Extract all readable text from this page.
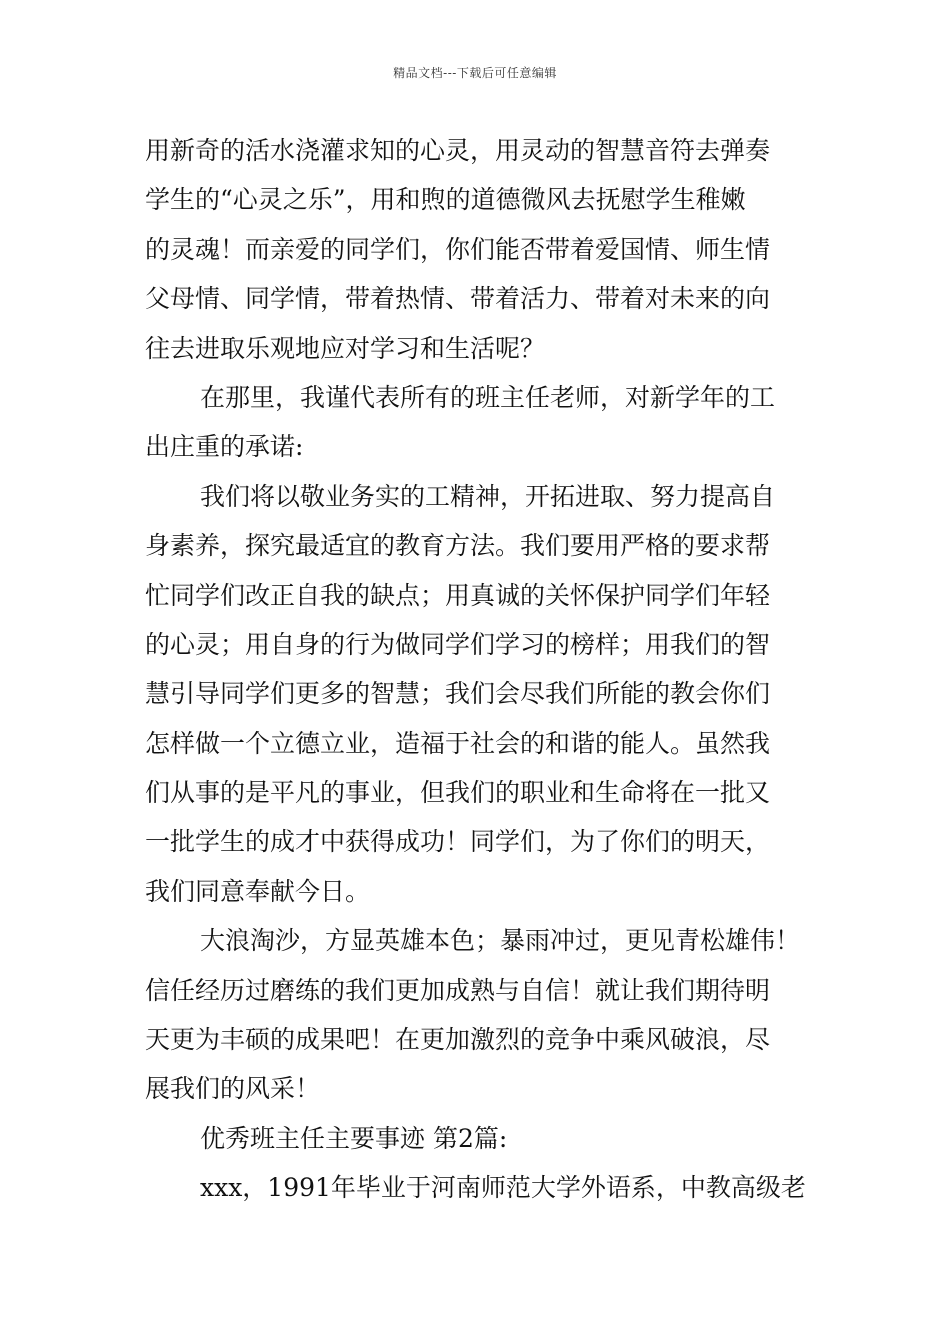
精品文档---下载后可任意编辑
用新奇的活水浇灌求知的心灵，用灵动的智慧音符去弹奏
学生的“心灵之乐”，用和煦的道德微风去抚慰学生稚嫩
的灵魂！而亲爱的同学们，你们能否带着爱国情、师生情
父母情、同学情，带着热情、带着活力、带着对未来的向
往去进取乐观地应对学习和生活呢？
在那里，我谨代表所有的班主任老师，对新学年的工
出庄重的承诺:
我们将以敬业务实的工精神，开拓进取、努力提高自
身素养，探究最适宜的教育方法。我们要用严格的要求帮
忙同学们改正自我的缺点；用真诚的关怀保护同学们年轻
的心灵；用自身的行为做同学们学习的榜样；用我们的智
慧引导同学们更多的智慧；我们会尽我们所能的教会你们
怎样做一个立德立业，造福于社会的和谐的能人。虽然我
们从事的是平凡的事业，但我们的职业和生命将在一批又
一批学生的成才中获得成功！同学们，为了你们的明天，
我们同意奉献今日。
大浪淘沙，方显英雄本色；暴雨冲过，更见青松雄伟！
信任经历过磨练的我们更加成熟与自信！就让我们期待明
天更为丰硕的成果吧！在更加激烈的竞争中乘风破浪，尽
展我们的风采！
优秀班主任主要事迹 第2篇:
xxx，1991年毕业于河南师范大学外语系，中教高级老
